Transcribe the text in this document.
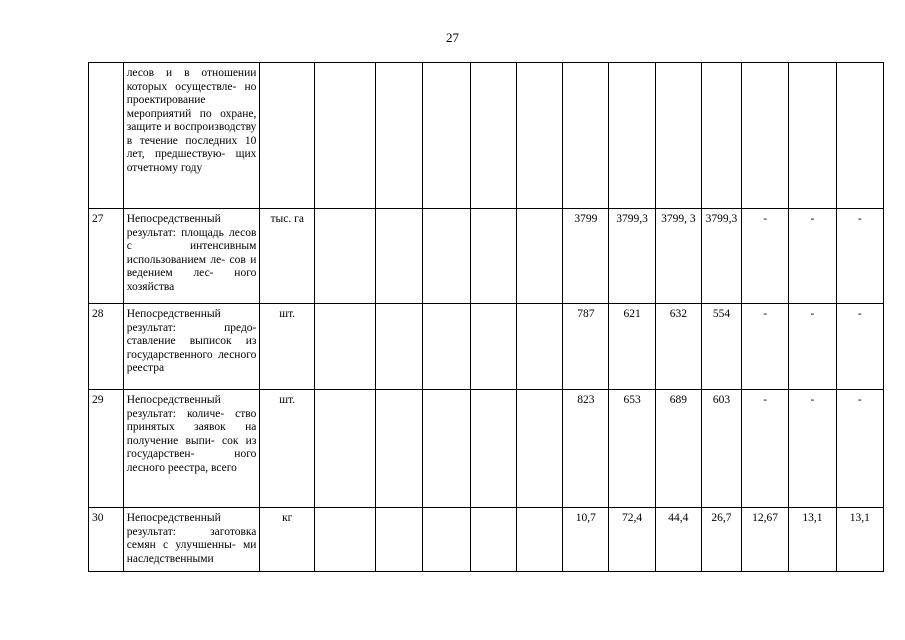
27
	лесов и в отношении которых осуществле- но проектирование мероприятий по охране, защите и воспроизводству в течение последних 10 лет, предшествую- щих отчетному году													
27	Непосредственный результат: площадь лесов с интенсивным использованием ле- сов и ведением лес- ного хозяйства	тыс. га						3799	3799,3	3799, 3	3799,3	-	-	-
28	Непосредственный результат: предо- ставление выписок из государственного лесного реестра	шт.						787	621	632	554	-	-	-
29	Непосредственный результат: количе- ство принятых заявок на получение выпи- сок из государствен- ного лесного реестра, всего	шт.						823	653	689	603	-	-	-
30	Непосредственный результат: заготовка семян с улучшенны- ми наследственными	кг						10,7	72,4	44,4	26,7	12,67	13,1	13,1
